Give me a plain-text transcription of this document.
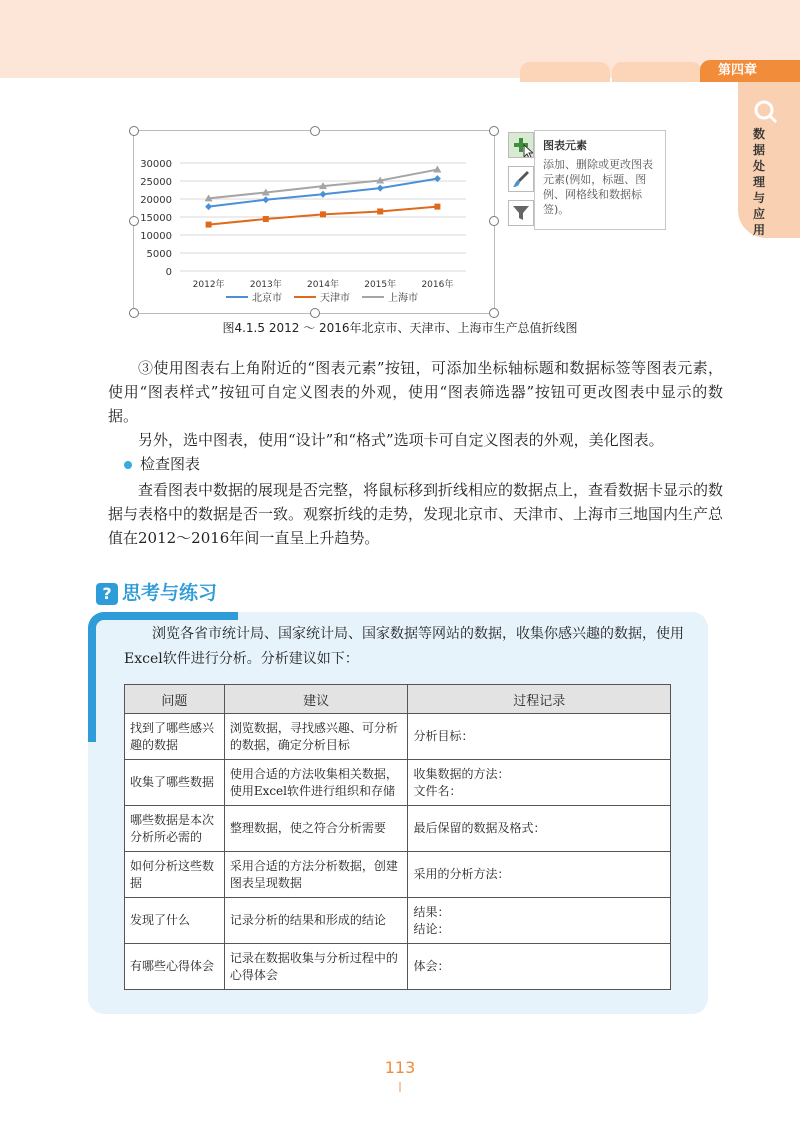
第四章
数据处理与应用
0
5000
10000
15000
20000
25000
30000
2012年	2013年	2014年	2015年	2016年
北京市	天津市	上海市
图表元素
添加、删除或更改图表元素(例如，标题、图例、网格线和数据标签)。
图4.1.5 2012 ～ 2016年北京市、天津市、上海市生产总值折线图
③使用图表右上角附近的“图表元素”按钮，可添加坐标轴标题和数据标签等图表元素，使用“图表样式”按钮可自定义图表的外观，使用“图表筛选器”按钮可更改图表中显示的数据。
另外，选中图表，使用“设计”和“格式”选项卡可自定义图表的外观，美化图表。
检查图表
查看图表中数据的展现是否完整，将鼠标移到折线相应的数据点上，查看数据卡显示的数据与表格中的数据是否一致。观察折线的走势，发现北京市、天津市、上海市三地国内生产总值在2012～2016年间一直呈上升趋势。
? 思考与练习
浏览各省市统计局、国家统计局、国家数据等网站的数据，收集你感兴趣的数据，使用Excel软件进行分析。分析建议如下：
问题	建议	过程记录
找到了哪些感兴趣的数据	浏览数据，寻找感兴趣、可分析的数据，确定分析目标	分析目标：
收集了哪些数据	使用合适的方法收集相关数据，使用Excel软件进行组织和存储	收集数据的方法：
文件名：
哪些数据是本次分析所必需的	整理数据，使之符合分析需要	最后保留的数据及格式：
如何分析这些数据	采用合适的方法分析数据，创建图表呈现数据	采用的分析方法：
发现了什么	记录分析的结果和形成的结论	结果：
结论：
有哪些心得体会	记录在数据收集与分析过程中的心得体会	体会：
113
